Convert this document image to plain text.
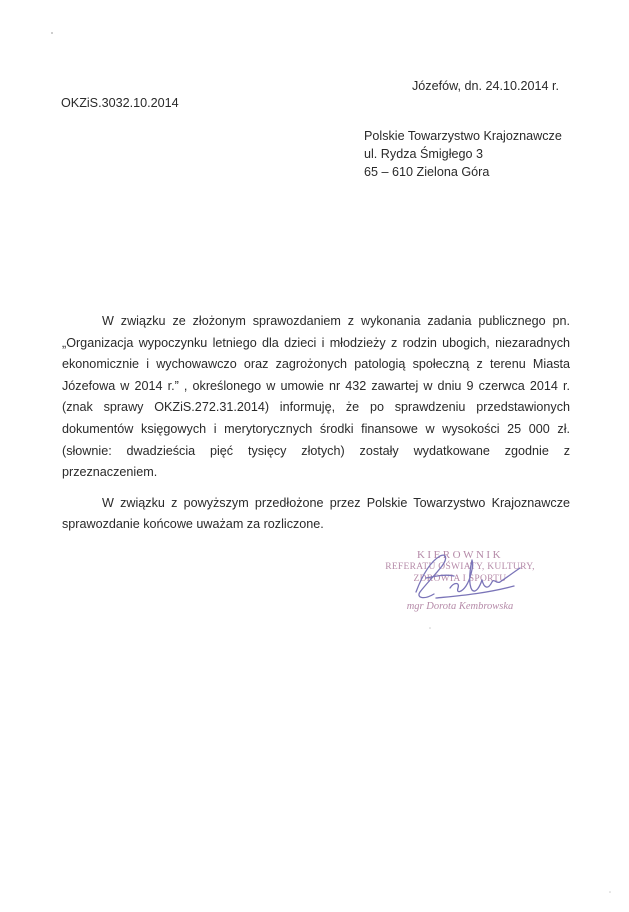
Józefów, dn. 24.10.2014 r.
OKZiS.3032.10.2014
Polskie Towarzystwo Krajoznawcze
ul. Rydza Śmigłego 3
65 – 610 Zielona Góra

W związku ze złożonym sprawozdaniem z wykonania zadania publicznego pn. „Organizacja wypoczynku letniego dla dzieci i młodzieży z rodzin ubogich, niezaradnych ekonomicznie i wychowawczo oraz zagrożonych patologią społeczną z terenu Miasta Józefowa w 2014 r.” , określonego w umowie nr 432 zawartej w dniu 9 czerwca 2014 r. (znak sprawy OKZiS.272.31.2014) informuję, że po sprawdzeniu przedstawionych dokumentów księgowych i merytorycznych środki finansowe w wysokości 25 000 zł. (słownie: dwadzieścia pięć tysięcy złotych) zostały wydatkowane zgodnie z przeznaczeniem.

W związku z powyższym przedłożone przez Polskie Towarzystwo Krajoznawcze sprawozdanie końcowe uważam za rozliczone.

KIEROWNIK
REFERATU OŚWIATY, KULTURY,
ZDROWIA I SPORTU
mgr Dorota Kembrowska
